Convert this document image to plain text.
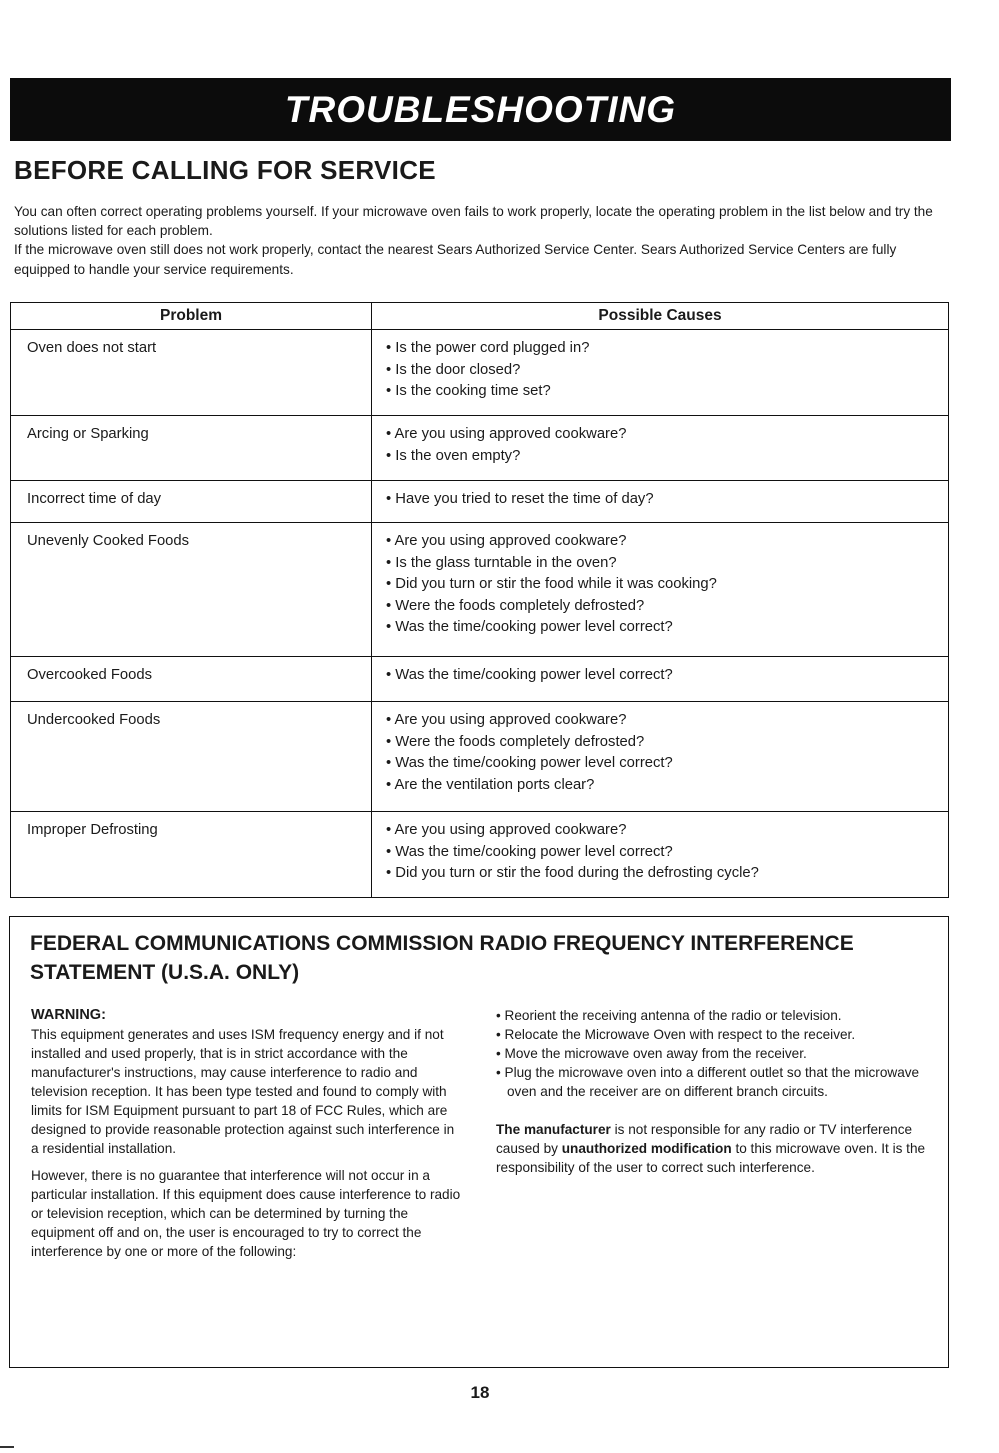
TROUBLESHOOTING
BEFORE CALLING FOR SERVICE

You can often correct operating problems yourself. If your microwave oven fails to work properly, locate the operating problem in the list below and try the solutions listed for each problem.

If the microwave oven still does not work properly, contact the nearest Sears Authorized Service Center. Sears Authorized Service Centers are fully equipped to handle your service requirements.

Problem	Possible Causes

Oven does not start	• Is the power cord plugged in?
• Is the door closed?
• Is the cooking time set?

Arcing or Sparking	• Are you using approved cookware?
• Is the oven empty?

Incorrect time of day	• Have you tried to reset the time of day?

Unevenly Cooked Foods	• Are you using approved cookware?
• Is the glass turntable in the oven?
• Did you turn or stir the food while it was cooking?
• Were the foods completely defrosted?
• Was the time/cooking power level correct?

Overcooked Foods	• Was the time/cooking power level correct?

Undercooked Foods	• Are you using approved cookware?
• Were the foods completely defrosted?
• Was the time/cooking power level correct?
• Are the ventilation ports clear?

Improper Defrosting	• Are you using approved cookware?
• Was the time/cooking power level correct?
• Did you turn or stir the food during the defrosting cycle?
FEDERAL COMMUNICATIONS COMMISSION RADIO FREQUENCY INTERFERENCE STATEMENT (U.S.A. ONLY)
WARNING:

This equipment generates and uses ISM frequency energy and if not installed and used properly, that is in strict accordance with the manufacturer's instructions, may cause interference to radio and television reception. It has been type tested and found to comply with limits for ISM Equipment pursuant to part 18 of FCC Rules, which are designed to provide reasonable protection against such interference in a residential installation.

However, there is no guarantee that interference will not occur in a particular installation. If this equipment does cause interference to radio or television reception, which can be determined by turning the equipment off and on, the user is encouraged to try to correct the interference by one or more of the following:

• Reorient the receiving antenna of the radio or television.

• Relocate the Microwave Oven with respect to the receiver.

• Move the microwave oven away from the receiver.

• Plug the microwave oven into a different outlet so that the microwave oven and the receiver are on different branch circuits.

The manufacturer is not responsible for any radio or TV interference caused by unauthorized modification to this microwave oven. It is the responsibility of the user to correct such interference.

18
